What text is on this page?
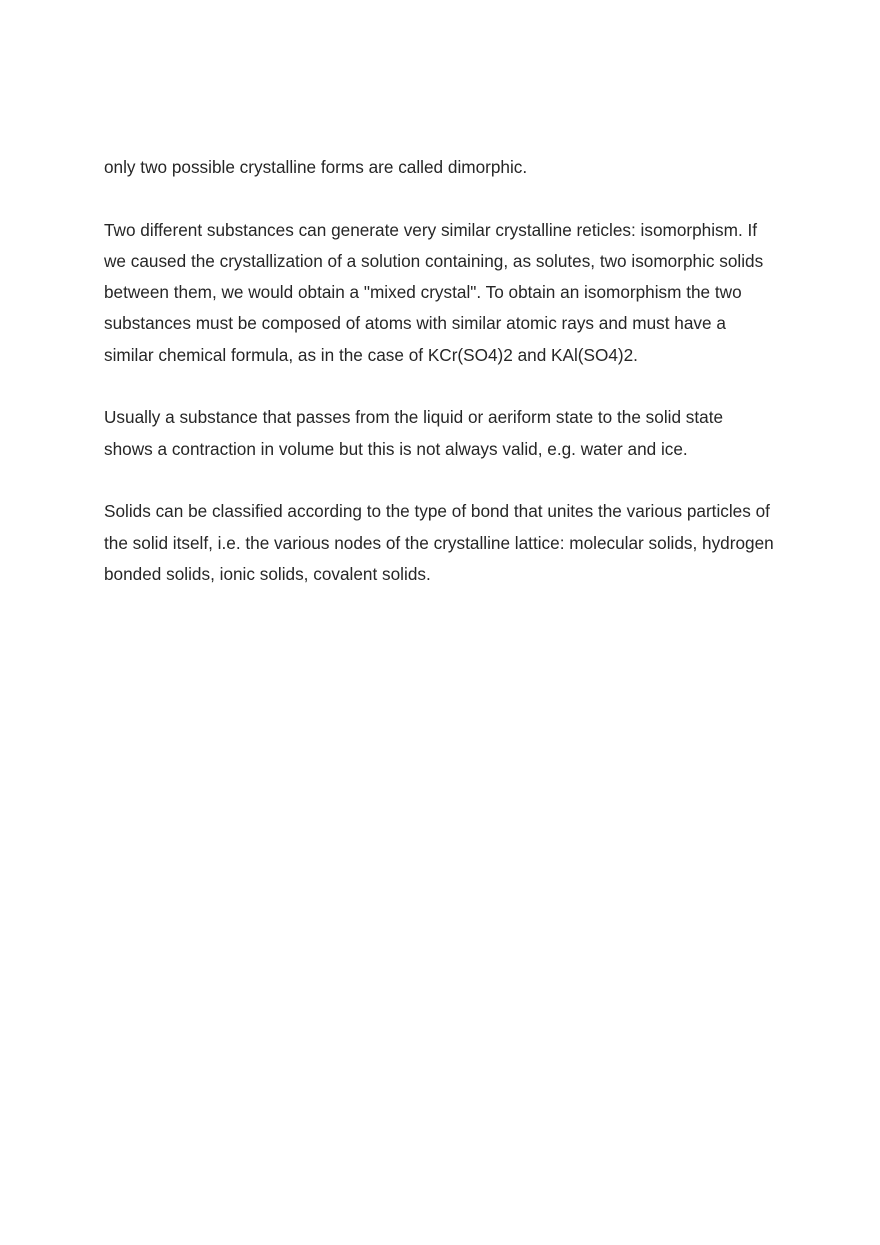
only two possible crystalline forms are called dimorphic.

Two different substances can generate very similar crystalline reticles: isomorphism. If
we caused the crystallization of a solution containing, as solutes, two isomorphic solids
between them, we would obtain a "mixed crystal". To obtain an isomorphism the two
substances must be composed of atoms with similar atomic rays and must have a
similar chemical formula, as in the case of KCr(SO4)2 and KAl(SO4)2.

Usually a substance that passes from the liquid or aeriform state to the solid state
shows a contraction in volume but this is not always valid, e.g. water and ice.

Solids can be classified according to the type of bond that unites the various particles of
the solid itself, i.e. the various nodes of the crystalline lattice: molecular solids, hydrogen
bonded solids, ionic solids, covalent solids.
